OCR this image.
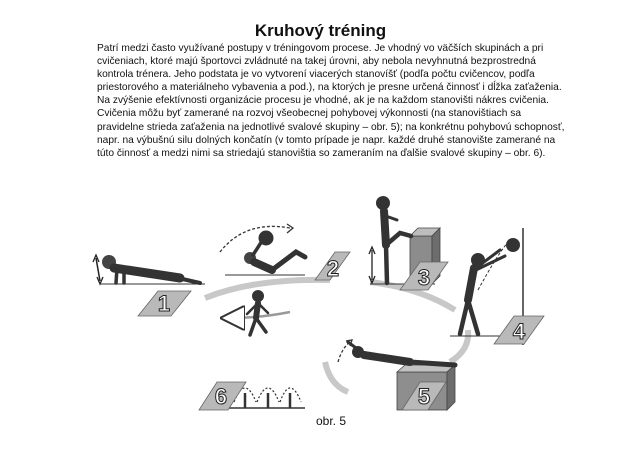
Kruhový tréning

Patrí medzi často využívané postupy v tréningovom procese. Je vhodný vo väčších skupinách a pri cvičeniach, ktoré majú športovci zvládnuté na takej úrovni, aby nebola nevyhnutná bezprostredná kontrola trénera. Jeho podstata je vo vytvorení viacerých stanovíšť (podľa počtu cvičencov, podľa priestorového a materiálneho vybavenia a pod.), na ktorých je presne určená činnosť i dĺžka zaťaženia. Na zvýšenie efektívnosti organizácie procesu je vhodné, ak je na každom stanovišti nákres cvičenia.

Cvičenia môžu byť zamerané na rozvoj všeobecnej pohybovej výkonnosti (na stanovištiach sa pravidelne strieda zaťaženia na jednotlivé svalové skupiny – obr. 5); na konkrétnu pohybovú schopnosť, napr. na výbušnú silu dolných končatín (v tomto prípade je napr. každé druhé stanovište zamerané na túto činnosť a medzi nimi sa striedajú stanovištia so zameraním na ďalšie svalové skupiny – obr. 6).

1
2	3
4
5
6
obr. 5
